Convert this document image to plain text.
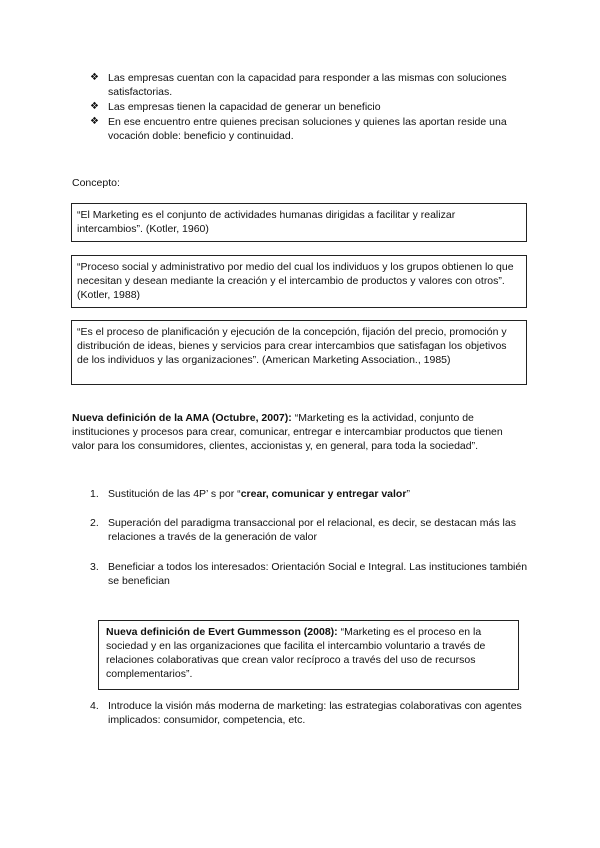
❖ Las empresas cuentan con la capacidad para responder a las mismas con soluciones satisfactorias.
❖ Las empresas tienen la capacidad de generar un beneficio
❖ En ese encuentro entre quienes precisan soluciones y quienes las aportan reside una vocación doble: beneficio y continuidad.
Concepto:
“El Marketing es el conjunto de actividades humanas dirigidas a facilitar y realizar intercambios”. (Kotler, 1960)
“Proceso social y administrativo por medio del cual los individuos y los grupos obtienen lo que necesitan y desean mediante la creación y el intercambio de productos y valores con otros”. (Kotler, 1988)
“Es el proceso de planificación y ejecución de la concepción, fijación del precio, promoción y distribución de ideas, bienes y servicios para crear intercambios que satisfagan los objetivos de los individuos y las organizaciones”. (American Marketing Association., 1985)
Nueva definición de la AMA (Octubre, 2007): “Marketing es la actividad, conjunto de instituciones y procesos para crear, comunicar, entregar e intercambiar productos que tienen valor para los consumidores, clientes, accionistas y, en general, para toda la sociedad”.
1. Sustitución de las 4P’ s por “crear, comunicar y entregar valor”
2. Superación del paradigma transaccional por el relacional, es decir, se destacan más las relaciones a través de la generación de valor
3. Beneficiar a todos los interesados: Orientación Social e Integral. Las instituciones también se benefician
Nueva definición de Evert Gummesson (2008): “Marketing es el proceso en la sociedad y en las organizaciones que facilita el intercambio voluntario a través de relaciones colaborativas que crean valor recíproco a través del uso de recursos complementarios”.
4. Introduce la visión más moderna de marketing: las estrategias colaborativas con agentes implicados: consumidor, competencia, etc.
